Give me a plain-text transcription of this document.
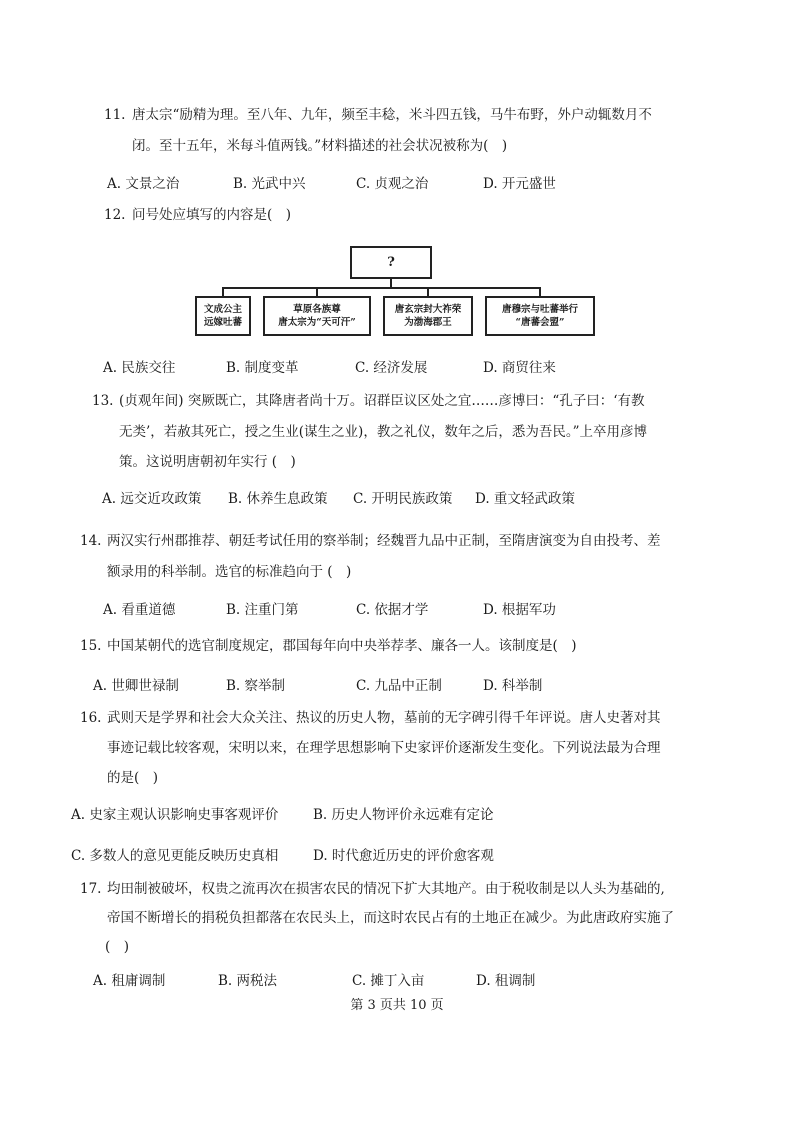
11. 唐太宗“励精为理。至八年、九年，频至丰稔，米斗四五钱，马牛布野，外户动辄数月不
闭。至十五年，米每斗值两钱。”材料描述的社会状况被称为(　)
A. 文景之治	B. 光武中兴	C. 贞观之治	D. 开元盛世
12. 问号处应填写的内容是(　)
?
文成公主
远嫁吐蕃
草原各族尊
唐太宗为“天可汗”
唐玄宗封大祚荣
为渤海郡王
唐穆宗与吐蕃举行
“唐蕃会盟”
A. 民族交往	B. 制度变革	C. 经济发展	D. 商贸往来
13. (贞观年间) 突厥既亡，其降唐者尚十万。诏群臣议区处之宜……彦博曰：“孔子曰：‘有教
无类’，若赦其死亡，授之生业(谋生之业)，教之礼仪，数年之后，悉为吾民。”上卒用彦博
策。这说明唐朝初年实行 (　)
A. 远交近攻政策 B. 休养生息政策 C. 开明民族政策 D. 重文轻武政策
14. 两汉实行州郡推荐、朝廷考试任用的察举制；经魏晋九品中正制，至隋唐演变为自由投考、差
额录用的科举制。选官的标准趋向于 (　)
A. 看重道德	B. 注重门第	C. 依据才学	D. 根据军功
15. 中国某朝代的选官制度规定，郡国每年向中央举荐孝、廉各一人。该制度是(　)
A. 世卿世禄制	B. 察举制	C. 九品中正制	D. 科举制
16. 武则天是学界和社会大众关注、热议的历史人物，墓前的无字碑引得千年评说。唐人史著对其
事迹记载比较客观，宋明以来，在理学思想影响下史家评价逐渐发生变化。下列说法最为合理
的是(　)
A. 史家主观认识影响史事客观评价	B. 历史人物评价永远难有定论
C. 多数人的意见更能反映历史真相	D. 时代愈近历史的评价愈客观
17. 均田制被破坏，权贵之流再次在损害农民的情况下扩大其地产。由于税收制是以人头为基础的,
帝国不断增长的捐税负担都落在农民头上，而这时农民占有的土地正在减少。为此唐政府实施了
(　)
A. 租庸调制	B. 两税法	C. 摊丁入亩	D. 租调制
第 3 页共 10 页
